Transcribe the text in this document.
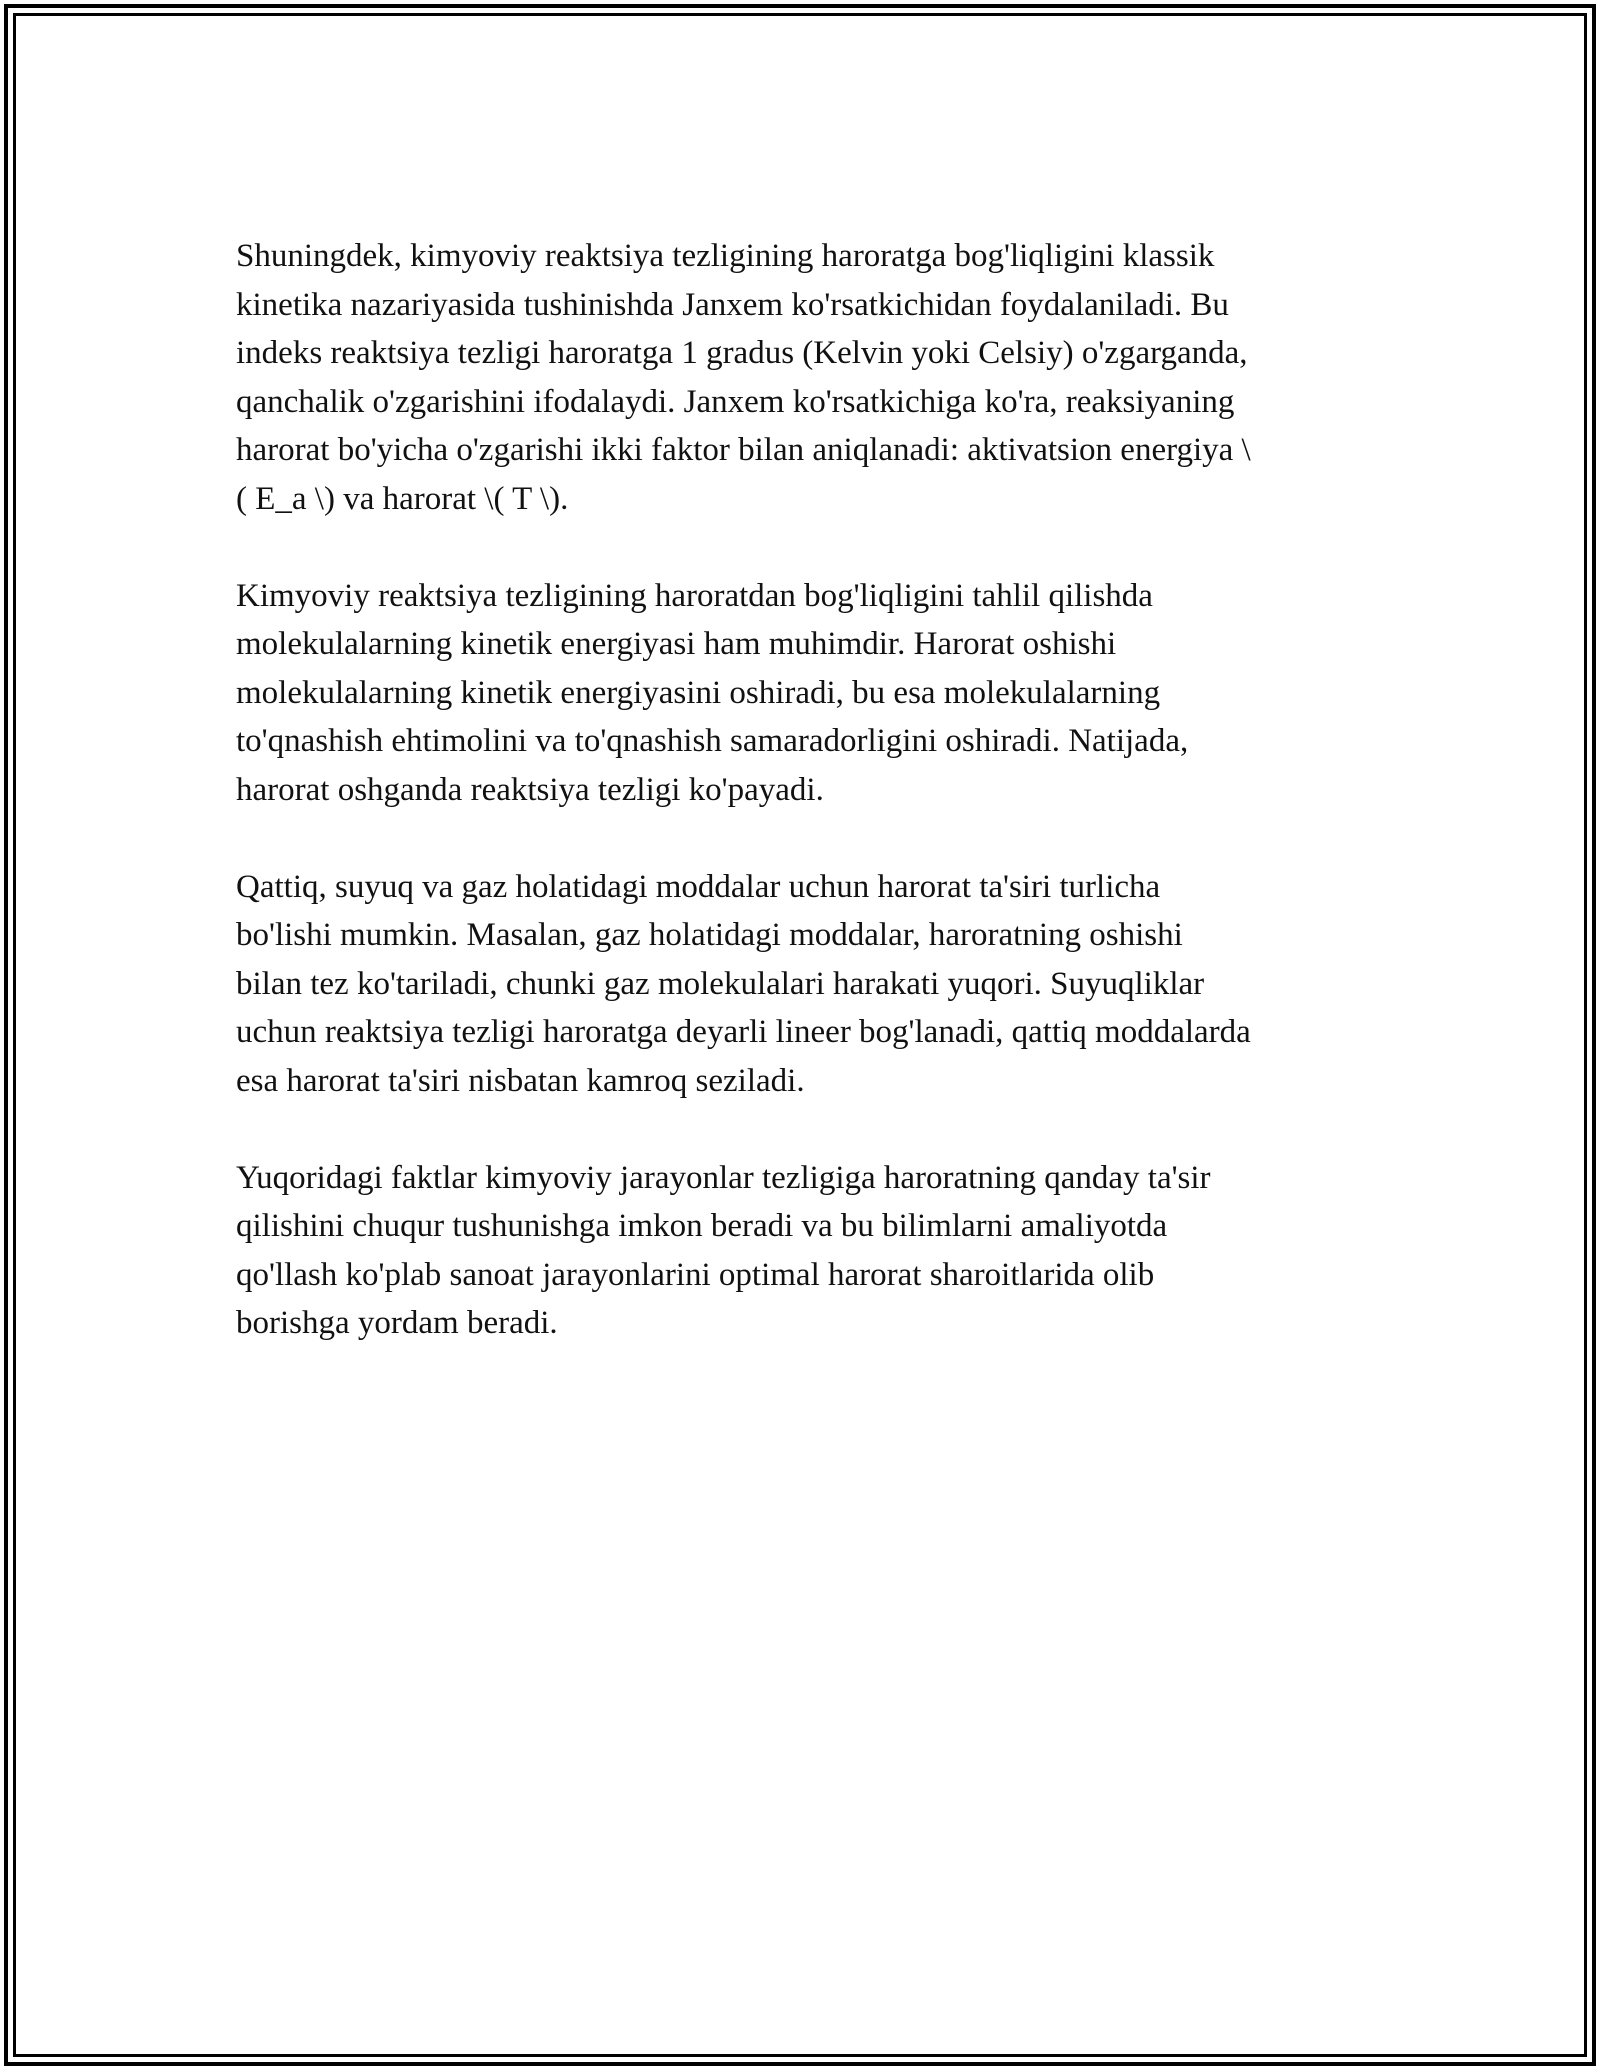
Shuningdek, kimyoviy reaktsiya tezligining haroratga bog'liqligini klassik
kinetika nazariyasida tushinishda Janxem ko'rsatkichidan foydalaniladi. Bu
indeks reaktsiya tezligi haroratga 1 gradus (Kelvin yoki Celsiy) o'zgarganda,
qanchalik o'zgarishini ifodalaydi. Janxem ko'rsatkichiga ko'ra, reaksiyaning
harorat bo'yicha o'zgarishi ikki faktor bilan aniqlanadi: aktivatsion energiya \
( E_a \) va harorat \( T \).

Kimyoviy reaktsiya tezligining haroratdan bog'liqligini tahlil qilishda
molekulalarning kinetik energiyasi ham muhimdir. Harorat oshishi
molekulalarning kinetik energiyasini oshiradi, bu esa molekulalarning
to'qnashish ehtimolini va to'qnashish samaradorligini oshiradi. Natijada,
harorat oshganda reaktsiya tezligi ko'payadi.

Qattiq, suyuq va gaz holatidagi moddalar uchun harorat ta'siri turlicha
bo'lishi mumkin. Masalan, gaz holatidagi moddalar, haroratning oshishi
bilan tez ko'tariladi, chunki gaz molekulalari harakati yuqori. Suyuqliklar
uchun reaktsiya tezligi haroratga deyarli lineer bog'lanadi, qattiq moddalarda
esa harorat ta'siri nisbatan kamroq seziladi.

Yuqoridagi faktlar kimyoviy jarayonlar tezligiga haroratning qanday ta'sir
qilishini chuqur tushunishga imkon beradi va bu bilimlarni amaliyotda
qo'llash ko'plab sanoat jarayonlarini optimal harorat sharoitlarida olib
borishga yordam beradi.
